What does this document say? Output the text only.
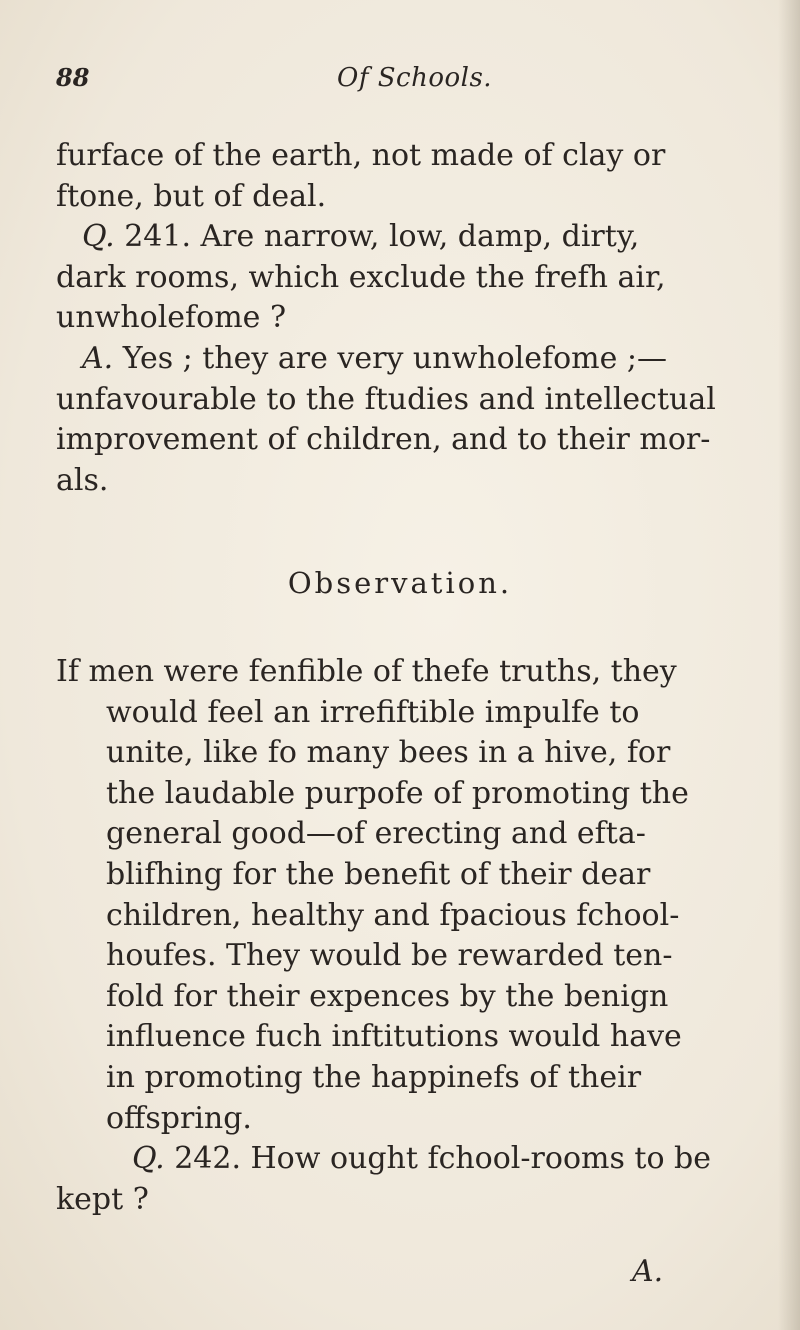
88	Of Schools.
furface of the earth, not made of clay or
ftone, but of deal.
Q. 241. Are narrow, low, damp, dirty,
dark rooms, which exclude the frefh air,
unwholefome ?
A. Yes ; they are very unwholefome ;—
unfavourable to the ftudies and intellectual
improvement of children, and to their mor-
als.
Observation.
If men were fenfible of thefe truths, they
would feel an irrefiftible impulfe to
unite, like fo many bees in a hive, for
the laudable purpofe of promoting the
general good—of erecting and efta-
blifhing for the benefit of their dear
children, healthy and fpacious fchool-
houfes. They would be rewarded ten-
fold for their expences by the benign
influence fuch inftitutions would have
in promoting the happinefs of their
offspring.
Q. 242. How ought fchool-rooms to be
kept ?
A.
